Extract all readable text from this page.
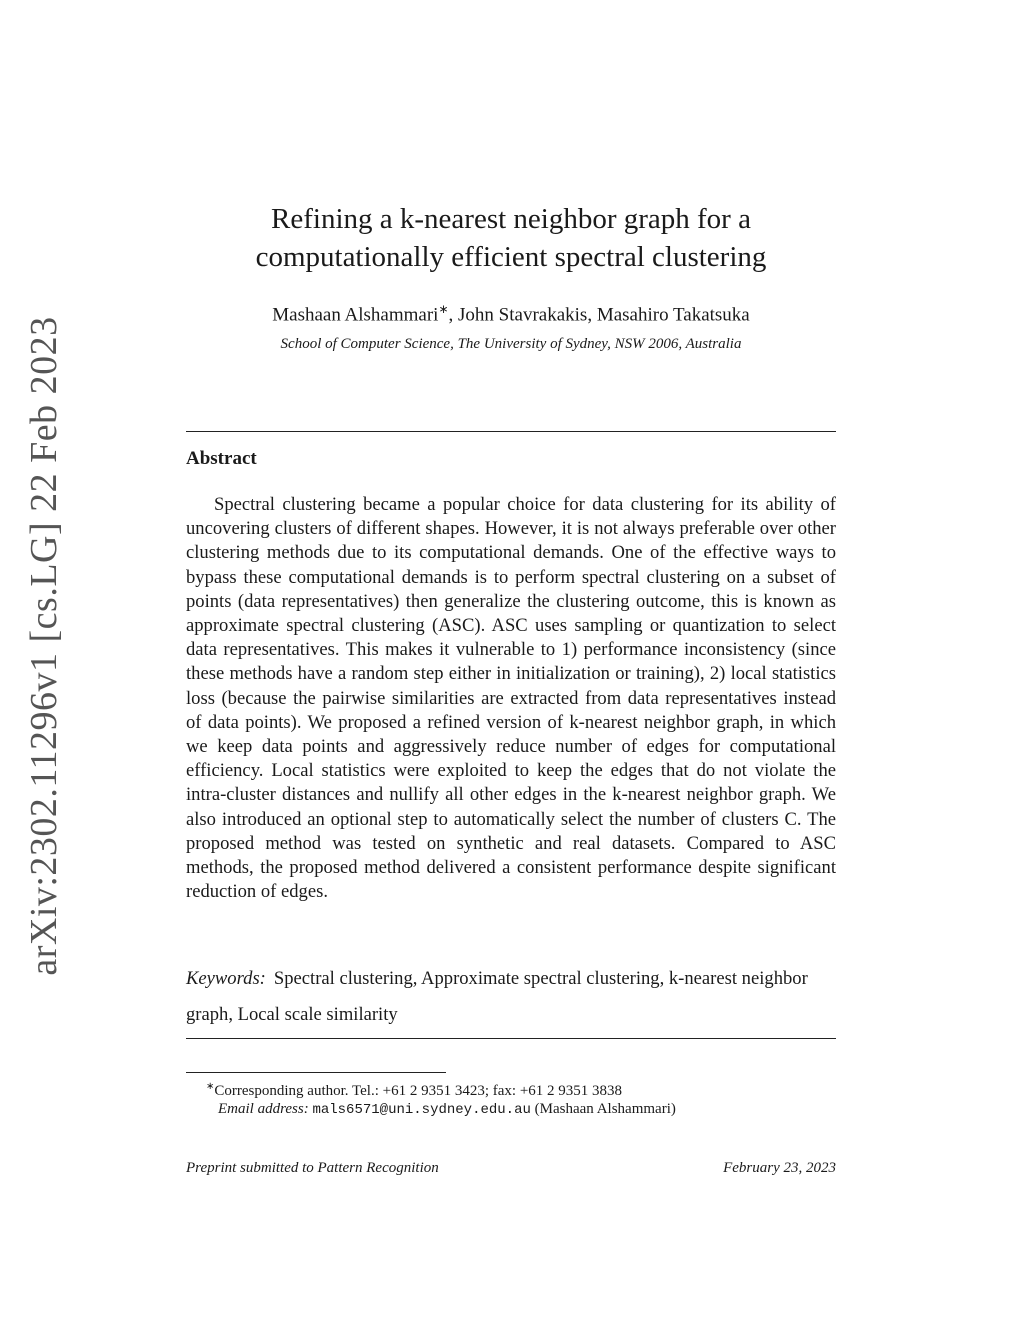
arXiv:2302.11296v1 [cs.LG] 22 Feb 2023
Refining a k-nearest neighbor graph for a
computationally efficient spectral clustering
Mashaan Alshammari∗, John Stavrakakis, Masahiro Takatsuka
School of Computer Science, The University of Sydney, NSW 2006, Australia
Abstract
Spectral clustering became a popular choice for data clustering for its ability of uncovering clusters of different shapes. However, it is not always preferable over other clustering methods due to its computational demands. One of the effective ways to bypass these computational demands is to perform spectral clustering on a subset of points (data representatives) then generalize the clustering outcome, this is known as approximate spectral clustering (ASC). ASC uses sampling or quantization to select data representatives. This makes it vulnerable to 1) performance inconsistency (since these methods have a random step either in initialization or training), 2) local statistics loss (because the pairwise similarities are extracted from data representatives instead of data points). We proposed a refined version of k-nearest neighbor graph, in which we keep data points and aggressively reduce number of edges for computational efficiency. Local statistics were exploited to keep the edges that do not violate the intra-cluster distances and nullify all other edges in the k-nearest neighbor graph. We also introduced an optional step to automatically select the number of clusters C. The proposed method was tested on synthetic and real datasets. Compared to ASC methods, the proposed method delivered a consistent performance despite significant reduction of edges.
Keywords: Spectral clustering, Approximate spectral clustering, k-nearest neighbor graph, Local scale similarity
∗Corresponding author. Tel.: +61 2 9351 3423; fax: +61 2 9351 3838
Email address: mals6571@uni.sydney.edu.au (Mashaan Alshammari)
Preprint submitted to Pattern Recognition	February 23, 2023
